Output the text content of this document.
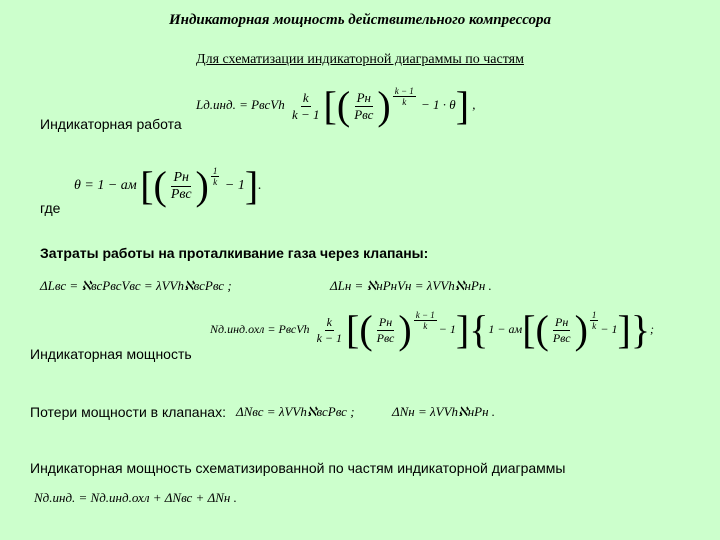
Индикаторная мощность действительного компрессора
Для схематизации индикаторной диаграммы по частям
Индикаторная работа
Lд.инд. = PвсVh $\frac{k}{k - 1}$ [( $\frac{Pн}{\text{Pвс}}$ ) $\frac{k - 1}{k} - 1 \cdot \theta$] ,
где
θ = 1 − aм [( $\frac{Pн}{\text{Pвс}}$ ) $\frac{1}{k} - 1$].
Затраты работы на проталкивание газа через клапаны:
ΔLвс = ℵвсPвсVвс = λVVhℵвсPвс ;	ΔLн = ℵнPнVн = λVVhℵнPн .
Индикаторная мощность
Nд.инд.охл = PвсVh $\frac{k}{k - 1}$ [( $\frac{Pн}{\text{Pвс}}$ ) $\frac{k - 1}{k} - 1]\{1 - aм[( \frac{Pн}{\text{Pвс}}$ ) $\frac{1}{k} - 1$]};
Потери мощности в клапанах: ΔNвс = λVVhℵвсPвс ;	ΔNн = λVVhℵнPн .
Индикаторная мощность схематизированной по частям индикаторной диаграммы
Nд.инд. = Nд.инд.охл + ΔNвс + ΔNн .
